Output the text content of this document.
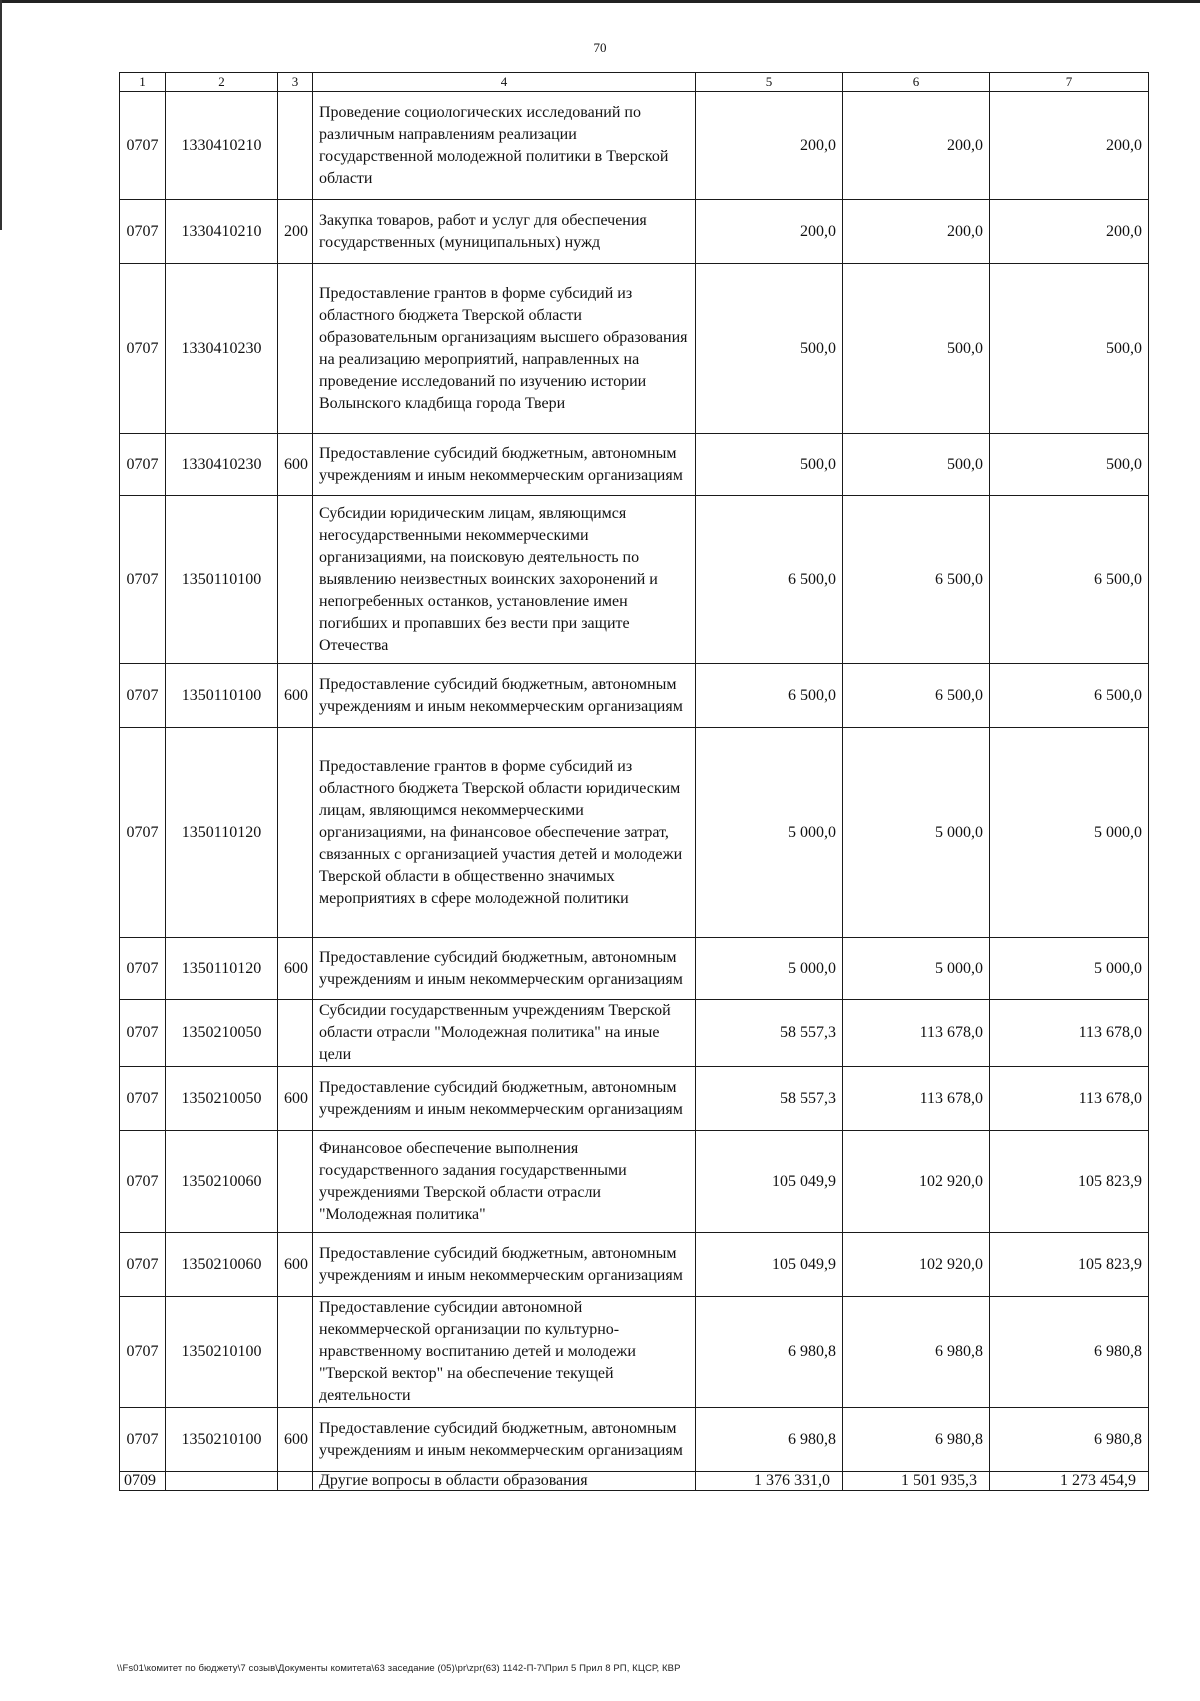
70
1	2	3	4	5	6	7
0707	1330410210		Проведение социологических исследований по различным направлениям реализации государственной молодежной политики в Тверской области	200,0	200,0	200,0
0707	1330410210	200	Закупка товаров, работ и услуг для обеспечения государственных (муниципальных) нужд	200,0	200,0	200,0
0707	1330410230		Предоставление грантов в форме субсидий из областного бюджета Тверской области образовательным организациям высшего образования на реализацию мероприятий, направленных на проведение исследований по изучению истории Волынского кладбища города Твери	500,0	500,0	500,0
0707	1330410230	600	Предоставление субсидий бюджетным, автономным учреждениям и иным некоммерческим организациям	500,0	500,0	500,0
0707	1350110100		Субсидии юридическим лицам, являющимся негосударственными некоммерческими организациями, на поисковую деятельность по выявлению неизвестных воинских захоронений и непогребенных останков, установление имен погибших и пропавших без вести при защите Отечества	6 500,0	6 500,0	6 500,0
0707	1350110100	600	Предоставление субсидий бюджетным, автономным учреждениям и иным некоммерческим организациям	6 500,0	6 500,0	6 500,0
0707	1350110120		Предоставление грантов в форме субсидий из областного бюджета Тверской области юридическим лицам, являющимся некоммерческими организациями, на финансовое обеспечение затрат, связанных с организацией участия детей и молодежи Тверской области в общественно значимых мероприятиях в сфере молодежной политики	5 000,0	5 000,0	5 000,0
0707	1350110120	600	Предоставление субсидий бюджетным, автономным учреждениям и иным некоммерческим организациям	5 000,0	5 000,0	5 000,0
0707	1350210050		Субсидии государственным учреждениям Тверской области отрасли "Молодежная политика" на иные цели	58 557,3	113 678,0	113 678,0
0707	1350210050	600	Предоставление субсидий бюджетным, автономным учреждениям и иным некоммерческим организациям	58 557,3	113 678,0	113 678,0
0707	1350210060		Финансовое обеспечение выполнения государственного задания государственными учреждениями Тверской области отрасли "Молодежная политика"	105 049,9	102 920,0	105 823,9
0707	1350210060	600	Предоставление субсидий бюджетным, автономным учреждениям и иным некоммерческим организациям	105 049,9	102 920,0	105 823,9
0707	1350210100		Предоставление субсидии автономной некоммерческой организации по культурно-нравственному воспитанию детей и молодежи "Тверской вектор" на обеспечение текущей деятельности	6 980,8	6 980,8	6 980,8
0707	1350210100	600	Предоставление субсидий бюджетным, автономным учреждениям и иным некоммерческим организациям	6 980,8	6 980,8	6 980,8
0709			Другие вопросы в области образования	1 376 331,0	1 501 935,3	1 273 454,9
\\Fs01\комитет по бюджету\7 созыв\Документы комитета\63 заседание (05)\pr\zpr(63) 1142-П-7\Прил 5 Прил 8 РП, КЦСР, КВР
